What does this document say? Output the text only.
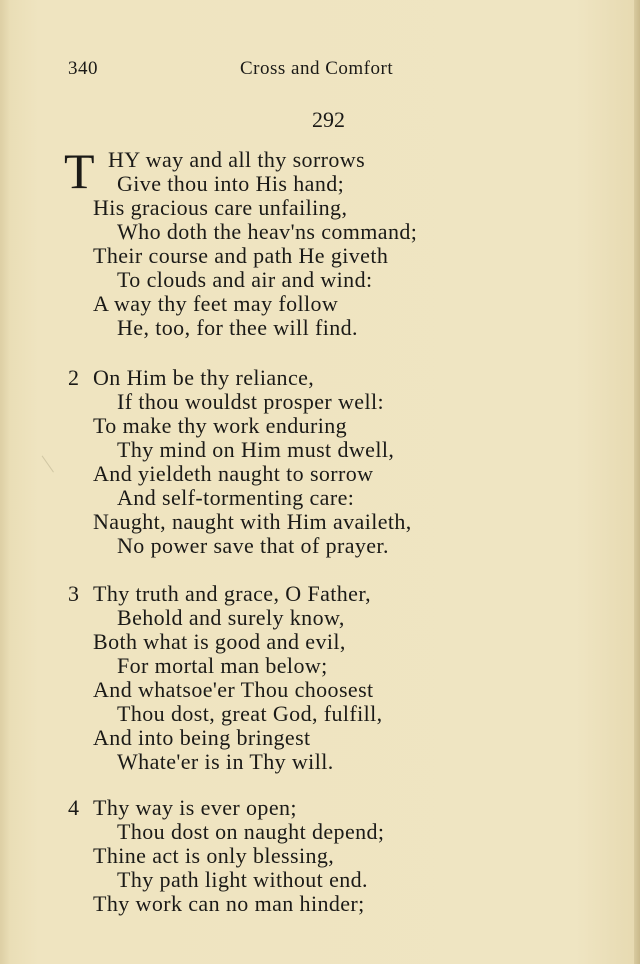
340	Cross and Comfort
292
T HY way and all thy sorrows
Give thou into His hand;
His gracious care unfailing,
Who doth the heav'ns command;
Their course and path He giveth
To clouds and air and wind:
A way thy feet may follow
He, too, for thee will find.
2 On Him be thy reliance,
If thou wouldst prosper well:
To make thy work enduring
Thy mind on Him must dwell,
And yieldeth naught to sorrow
And self-tormenting care:
Naught, naught with Him availeth,
No power save that of prayer.
3 Thy truth and grace, O Father,
Behold and surely know,
Both what is good and evil,
For mortal man below;
And whatsoe'er Thou choosest
Thou dost, great God, fulfill,
And into being bringest
Whate'er is in Thy will.
4 Thy way is ever open;
Thou dost on naught depend;
Thine act is only blessing,
Thy path light without end.
Thy work can no man hinder;
